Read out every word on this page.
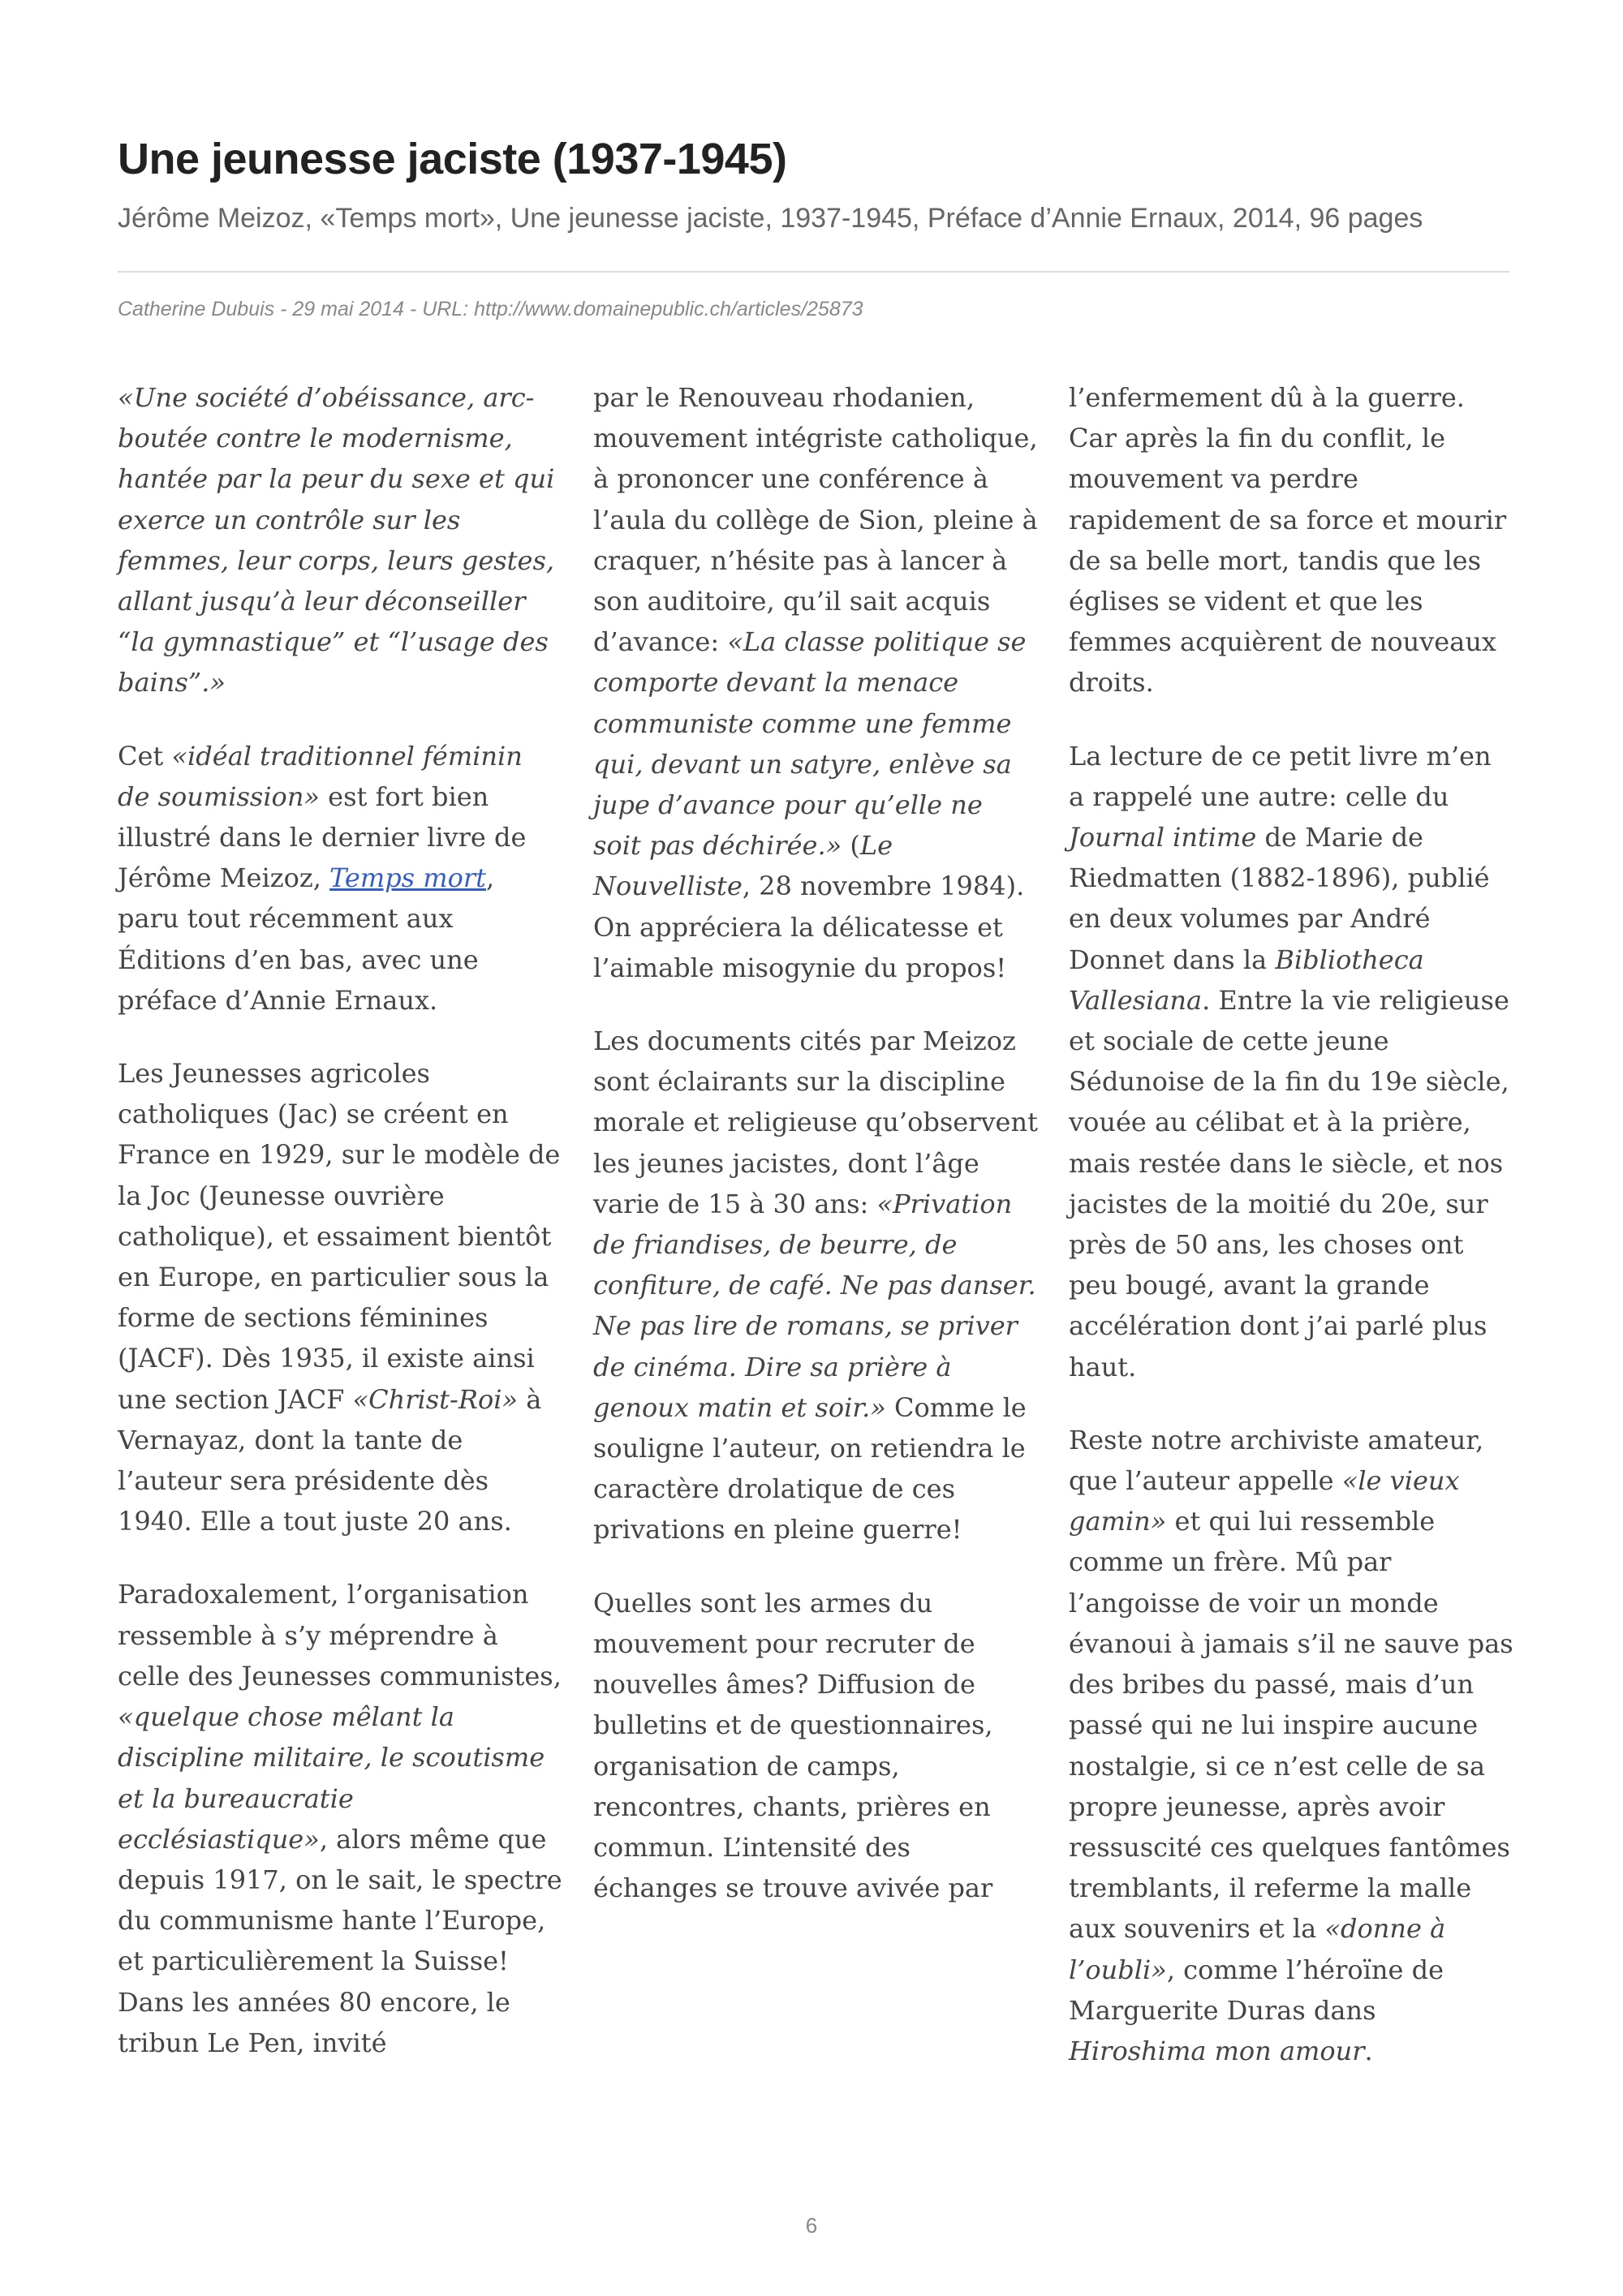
Une jeunesse jaciste (1937-1945)
Jérôme Meizoz, «Temps mort», Une jeunesse jaciste, 1937-1945, Préface d’Annie Ernaux, 2014, 96 pages
Catherine Dubuis - 29 mai 2014 - URL: http://www.domainepublic.ch/articles/25873

«Une société d’obéissance, arc-boutée contre le modernisme, hantée par la peur du sexe et qui exerce un contrôle sur les femmes, leur corps, leurs gestes, allant jusqu’à leur déconseiller “la gymnastique” et “l’usage des bains”.»

Cet «idéal traditionnel féminin de soumission» est fort bien illustré dans le dernier livre de Jérôme Meizoz, Temps mort, paru tout récemment aux Éditions d’en bas, avec une préface d’Annie Ernaux.

Les Jeunesses agricoles catholiques (Jac) se créent en France en 1929, sur le modèle de la Joc (Jeunesse ouvrière catholique), et essaiment bientôt en Europe, en particulier sous la forme de sections féminines (JACF). Dès 1935, il existe ainsi une section JACF «Christ-Roi» à Vernayaz, dont la tante de l’auteur sera présidente dès 1940. Elle a tout juste 20 ans.

Paradoxalement, l’organisation ressemble à s’y méprendre à celle des Jeunesses communistes, «quelque chose mêlant la discipline militaire, le scoutisme et la bureaucratie ecclésiastique», alors même que depuis 1917, on le sait, le spectre du communisme hante l’Europe, et particulièrement la Suisse! Dans les années 80 encore, le tribun Le Pen, invité

par le Renouveau rhodanien, mouvement intégriste catholique, à prononcer une conférence à l’aula du collège de Sion, pleine à craquer, n’hésite pas à lancer à son auditoire, qu’il sait acquis d’avance: «La classe politique se comporte devant la menace communiste comme une femme qui, devant un satyre, enlève sa jupe d’avance pour qu’elle ne soit pas déchirée.» (Le Nouvelliste, 28 novembre 1984). On appréciera la délicatesse et l’aimable misogynie du propos!

Les documents cités par Meizoz sont éclairants sur la discipline morale et religieuse qu’observent les jeunes jacistes, dont l’âge varie de 15 à 30 ans: «Privation de friandises, de beurre, de confiture, de café. Ne pas danser. Ne pas lire de romans, se priver de cinéma. Dire sa prière à genoux matin et soir.» Comme le souligne l’auteur, on retiendra le caractère drolatique de ces privations en pleine guerre!

Quelles sont les armes du mouvement pour recruter de nouvelles âmes? Diffusion de bulletins et de questionnaires, organisation de camps, rencontres, chants, prières en commun. L’intensité des échanges se trouve avivée par

l’enfermement dû à la guerre. Car après la fin du conflit, le mouvement va perdre rapidement de sa force et mourir de sa belle mort, tandis que les églises se vident et que les femmes acquièrent de nouveaux droits.

La lecture de ce petit livre m’en a rappelé une autre: celle du Journal intime de Marie de Riedmatten (1882-1896), publié en deux volumes par André Donnet dans la Bibliotheca Vallesiana. Entre la vie religieuse et sociale de cette jeune Sédunoise de la fin du 19e siècle, vouée au célibat et à la prière, mais restée dans le siècle, et nos jacistes de la moitié du 20e, sur près de 50 ans, les choses ont peu bougé, avant la grande accélération dont j’ai parlé plus haut.

Reste notre archiviste amateur, que l’auteur appelle «le vieux gamin» et qui lui ressemble comme un frère. Mû par l’angoisse de voir un monde évanoui à jamais s’il ne sauve pas des bribes du passé, mais d’un passé qui ne lui inspire aucune nostalgie, si ce n’est celle de sa propre jeunesse, après avoir ressuscité ces quelques fantômes tremblants, il referme la malle aux souvenirs et la «donne à l’oubli», comme l’héroïne de Marguerite Duras dans Hiroshima mon amour.

6
